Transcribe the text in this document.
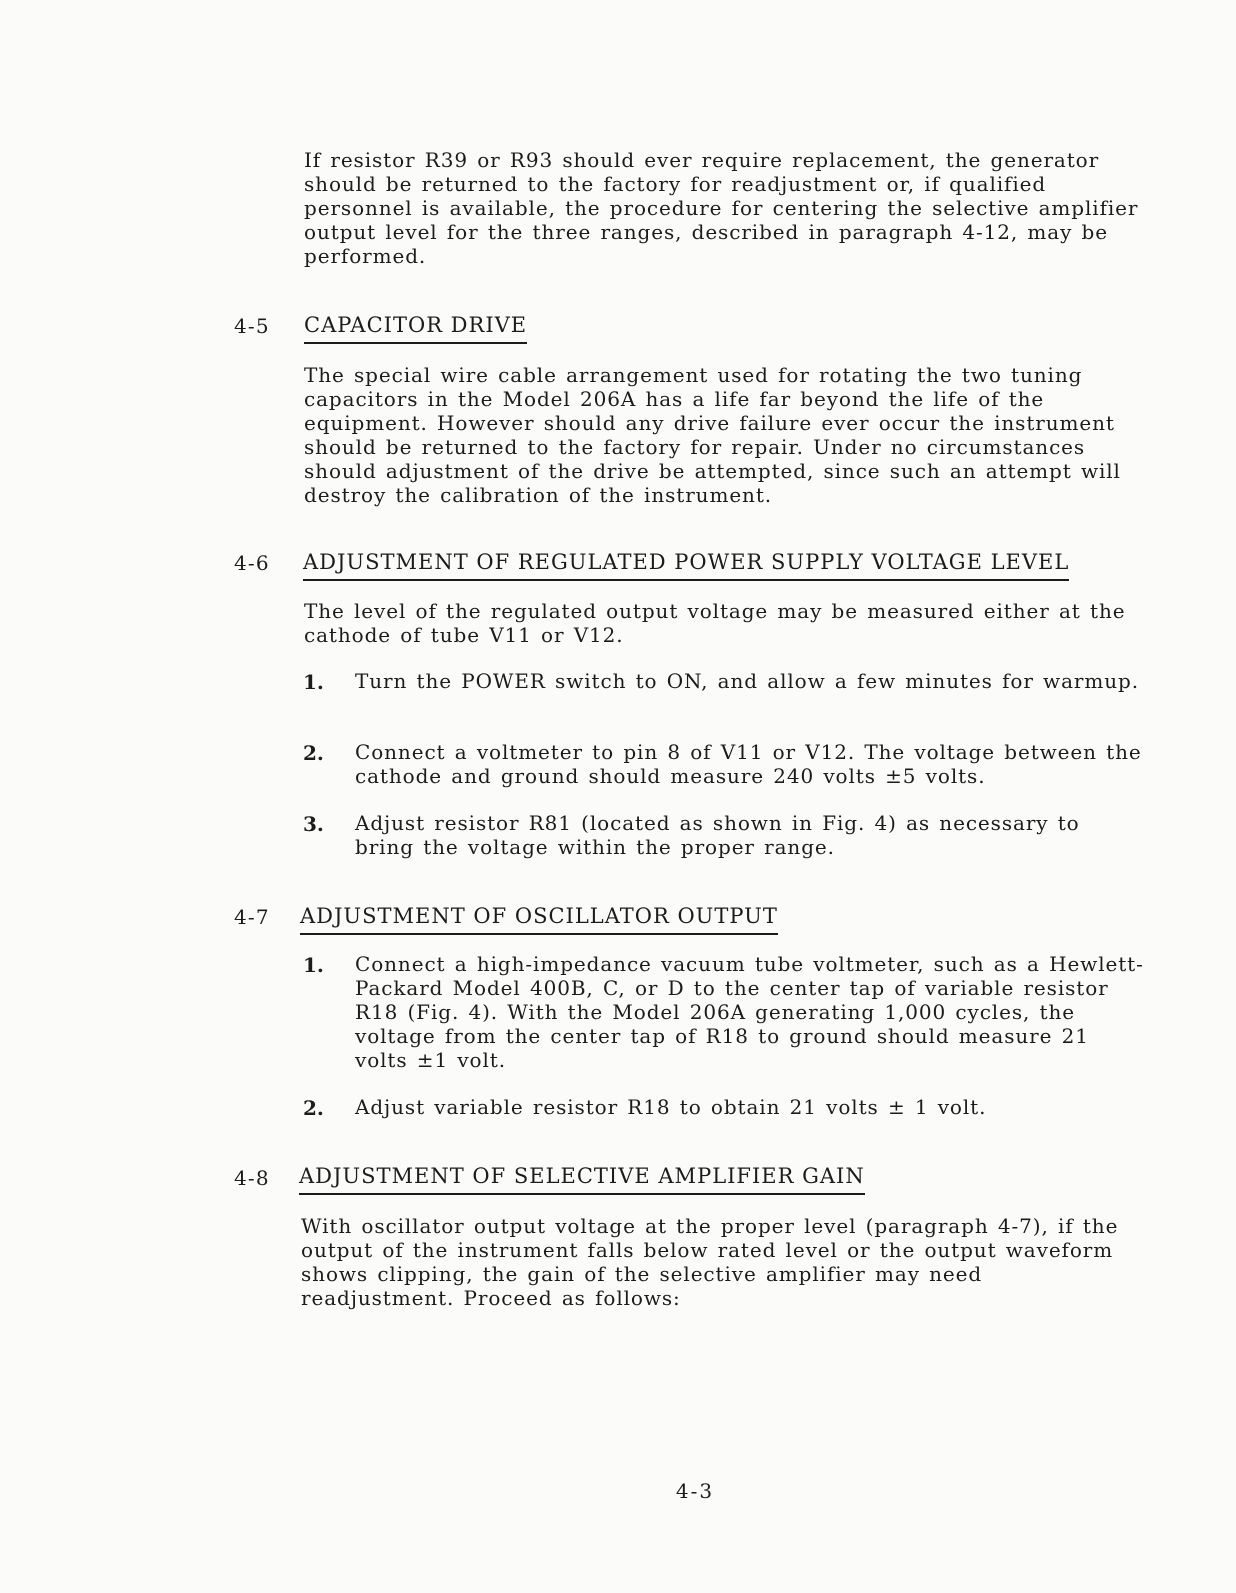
If resistor R39 or R93 should ever require replacement, the generator should be returned to the factory for readjustment or, if qualified personnel is available, the procedure for centering the selective amplifier output level for the three ranges, described in paragraph 4-12, may be performed.

4-5 CAPACITOR DRIVE

The special wire cable arrangement used for rotating the two tuning capacitors in the Model 206A has a life far beyond the life of the equipment. However should any drive failure ever occur the instrument should be returned to the factory for repair. Under no circumstances should adjustment of the drive be attempted, since such an attempt will destroy the calibration of the instrument.

4-6 ADJUSTMENT OF REGULATED POWER SUPPLY VOLTAGE LEVEL

The level of the regulated output voltage may be measured either at the cathode of tube V11 or V12.

1. Turn the POWER switch to ON, and allow a few minutes for warmup.

2. Connect a voltmeter to pin 8 of V11 or V12. The voltage between the cathode and ground should measure 240 volts ±5 volts.

3. Adjust resistor R81 (located as shown in Fig. 4) as necessary to bring the voltage within the proper range.

4-7 ADJUSTMENT OF OSCILLATOR OUTPUT
1. Connect a high-impedance vacuum tube voltmeter, such as a Hewlett-Packard Model 400B, C, or D to the center tap of variable resistor R18 (Fig. 4). With the Model 206A generating 1,000 cycles, the voltage from the center tap of R18 to ground should measure 21 volts ±1 volt.

2. Adjust variable resistor R18 to obtain 21 volts ± 1 volt.

4-8 ADJUSTMENT OF SELECTIVE AMPLIFIER GAIN

With oscillator output voltage at the proper level (paragraph 4-7), if the output of the instrument falls below rated level or the output waveform shows clipping, the gain of the selective amplifier may need readjustment. Proceed as follows:

4-3
